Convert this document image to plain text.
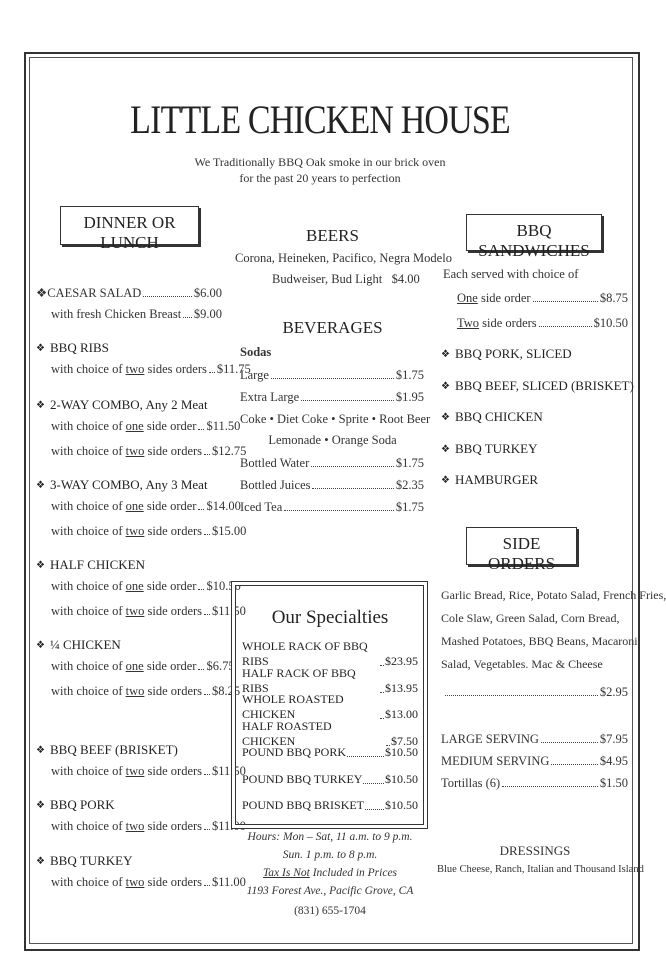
LITTLE CHICKEN HOUSE
We Traditionally BBQ Oak smoke in our brick oven
for the past 20 years to perfection
DINNER OR LUNCH
❖CAESAR SALAD	$6.00
with fresh Chicken Breast $9.00
❖ BBQ RIBS
with choice of two sides orders $11.75
❖ 2-WAY COMBO, Any 2 Meat
with choice of one side order $11.50
with choice of two side orders $12.75
❖ 3-WAY COMBO, Any 3 Meat
with choice of one side order $14.00
with choice of two side orders $15.00
❖ HALF CHICKEN
with choice of one side order $10.50
with choice of two side orders $11.50
❖ ¼ CHICKEN
with choice of one side order $6.75
with choice of two side orders $8.25
❖ BBQ BEEF (BRISKET)
with choice of two side orders $11.50
❖ BBQ PORK
with choice of two side orders $11.00
❖ BBQ TURKEY
with choice of two side orders $11.00
BEERS
Corona, Heineken, Pacifico, Negra Modelo
Budweiser, Bud Light $4.00
BEVERAGES
Sodas
Large	$1.75
Extra Large	$1.95
Coke • Diet Coke • Sprite • Root Beer
Lemonade • Orange Soda
Bottled Water	$1.75
Bottled Juices	$2.35
Iced Tea	$1.75
Our Specialties
WHOLE RACK OF BBQ RIBS	$23.95
HALF RACK OF BBQ RIBS	$13.95
WHOLE ROASTED CHICKEN	$13.00
HALF ROASTED CHICKEN	$7.50
POUND BBQ PORK	$10.50
POUND BBQ TURKEY $10.50
POUND BBQ BRISKET $10.50
Hours: Mon – Sat, 11 a.m. to 9 p.m.
Sun. 1 p.m. to 8 p.m.
Tax Is Not Included in Prices
1193 Forest Ave., Pacific Grove, CA
(831) 655-1704
BBQ SANDWICHES
Each served with choice of
One side order	$8.75
Two side orders	$10.50
❖ BBQ PORK, SLICED
❖ BBQ BEEF, SLICED (BRISKET)
❖ BBQ CHICKEN
❖ BBQ TURKEY
❖ HAMBURGER
SIDE ORDERS
Garlic Bread, Rice, Potato Salad, French Fries,
Cole Slaw, Green Salad, Corn Bread,
Mashed Potatoes, BBQ Beans, Macaroni
Salad, Vegetables. Mac & Cheese
$2.95
LARGE SERVING	$7.95
MEDIUM SERVING	$4.95
Tortillas (6)	$1.50
DRESSINGS
Blue Cheese, Ranch, Italian and Thousand Island
